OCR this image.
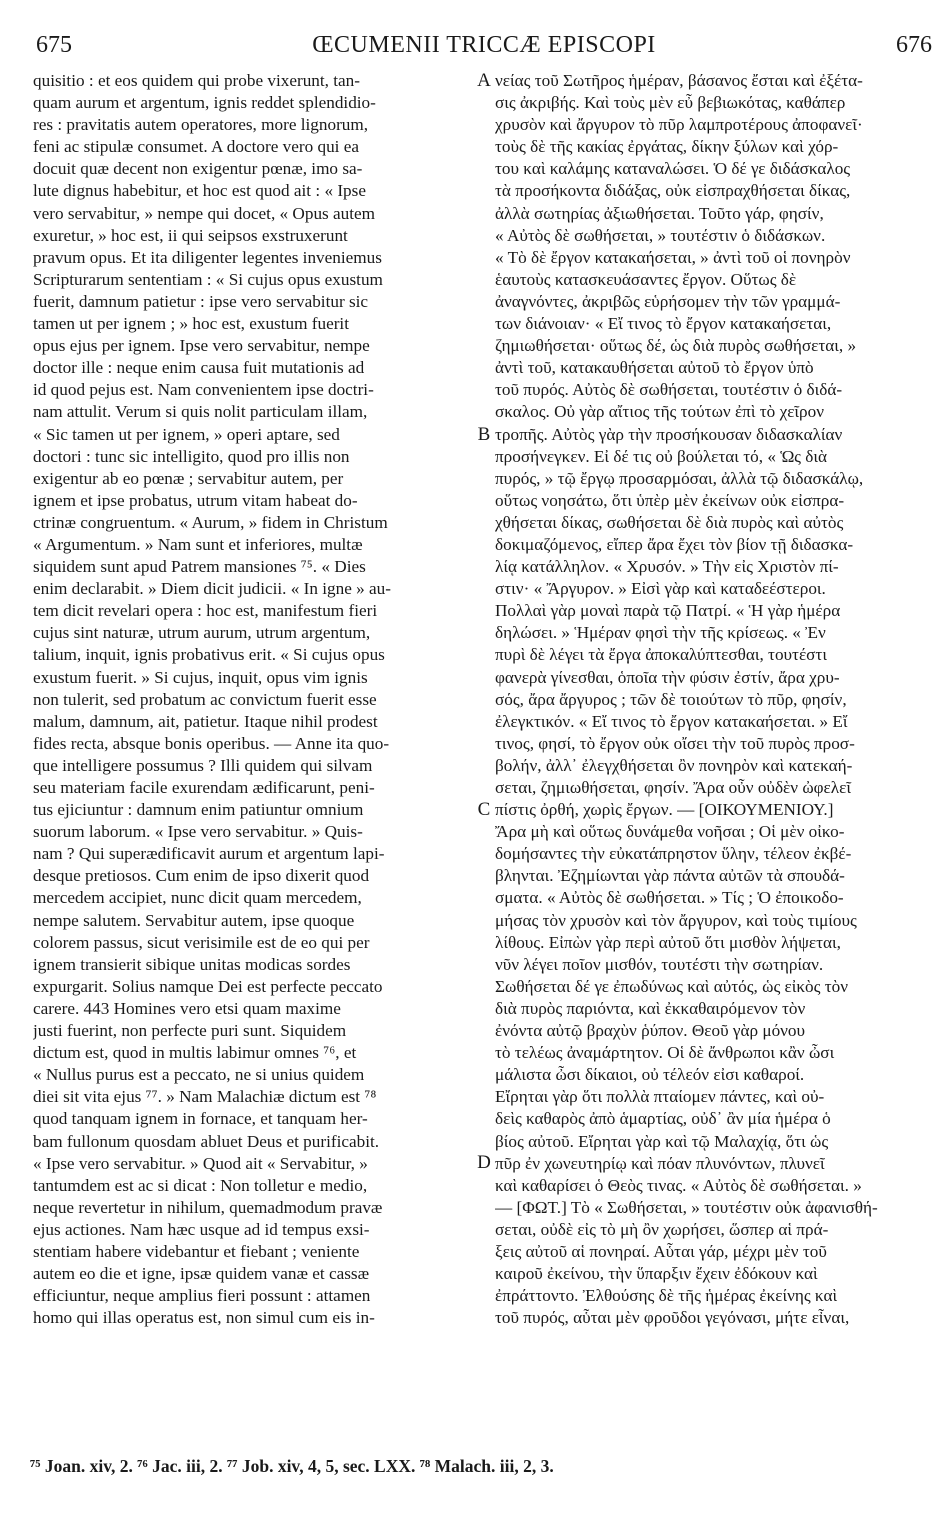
675	ŒCUMENII TRICCÆ EPISCOPI	676
quisitio : et eos quidem qui probe vixerunt, tan-
quam aurum et argentum, ignis reddet splendidio-
res : pravitatis autem operatores, more lignorum,
feni ac stipulæ consumet. A doctore vero qui ea
docuit quæ decent non exigentur pœnæ, imo sa-
lute dignus habebitur, et hoc est quod ait : « Ipse
vero servabitur, » nempe qui docet, « Opus autem
exuretur, » hoc est, ii qui seipsos exstruxerunt
pravum opus. Et ita diligenter legentes inveniemus
Scripturarum sententiam : « Si cujus opus exustum
fuerit, damnum patietur : ipse vero servabitur sic
tamen ut per ignem ; » hoc est, exustum fuerit
opus ejus per ignem. Ipse vero servabitur, nempe
doctor ille : neque enim causa fuit mutationis ad
id quod pejus est. Nam convenientem ipse doctri-
nam attulit. Verum si quis nolit particulam illam,
« Sic tamen ut per ignem, » operi aptare, sed
doctori : tunc sic intelligito, quod pro illis non
exigentur ab eo pœnæ ; servabitur autem, per
ignem et ipse probatus, utrum vitam habeat do-
ctrinæ congruentum. « Aurum, » fidem in Christum
« Argumentum. » Nam sunt et inferiores, multæ
siquidem sunt apud Patrem mansiones ⁷⁵. « Dies
enim declarabit. » Diem dicit judicii. « In igne » au-
tem dicit revelari opera : hoc est, manifestum fieri
cujus sint naturæ, utrum aurum, utrum argentum,
talium, inquit, ignis probativus erit. « Si cujus opus
exustum fuerit. » Si cujus, inquit, opus vim ignis
non tulerit, sed probatum ac convictum fuerit esse
malum, damnum, ait, patietur. Itaque nihil prodest
fides recta, absque bonis operibus. — Anne ita quo-
que intelligere possumus ? Illi quidem qui silvam
seu materiam facile exurendam ædificarunt, peni-
tus ejiciuntur : damnum enim patiuntur omnium
suorum laborum. « Ipse vero servabitur. » Quis-
nam ? Qui superædificavit aurum et argentum lapi-
desque pretiosos. Cum enim de ipso dixerit quod
mercedem accipiet, nunc dicit quam mercedem,
nempe salutem. Servabitur autem, ipse quoque
colorem passus, sicut verisimile est de eo qui per
ignem transierit sibique unitas modicas sordes
expurgarit. Solius namque Dei est perfecte peccato
carere. 443 Homines vero etsi quam maxime
justi fuerint, non perfecte puri sunt. Siquidem
dictum est, quod in multis labimur omnes ⁷⁶, et
« Nullus purus est a peccato, ne si unius quidem
diei sit vita ejus ⁷⁷. » Nam Malachiæ dictum est ⁷⁸
quod tanquam ignem in fornace, et tanquam her-
bam fullonum quosdam abluet Deus et purificabit.
« Ipse vero servabitur. » Quod ait « Servabitur, »
tantumdem est ac si dicat : Non tolletur e medio,
neque revertetur in nihilum, quemadmodum pravæ
ejus actiones. Nam hæc usque ad id tempus exsi-
stentiam habere videbantur et fiebant ; veniente
autem eo die et igne, ipsæ quidem vanæ et cassæ
efficiuntur, neque amplius fieri possunt : attamen
homo qui illas operatus est, non simul cum eis in-
νείας τοῦ Σωτῆρος ἡμέραν, βάσανος ἔσται καὶ ἐξέτα-
σις ἀκριβής. Καὶ τοὺς μὲν εὖ βεβιωκότας, καθάπερ
χρυσὸν καὶ ἄργυρον τὸ πῦρ λαμπροτέρους ἀποφανεῖ·
τοὺς δὲ τῆς κακίας ἐργάτας, δίκην ξύλων καὶ χόρ-
του καὶ καλάμης καταναλώσει. Ὁ δέ γε διδάσκαλος
τὰ προσήκοντα διδάξας, οὐκ εἰσπραχθήσεται δίκας,
ἀλλὰ σωτηρίας ἀξιωθήσεται. Τοῦτο γάρ, φησίν,
« Αὐτὸς δὲ σωθήσεται, » τουτέστιν ὁ διδάσκων.
« Τὸ δὲ ἔργον κατακαήσεται, » ἀντὶ τοῦ οἱ πονηρὸν
ἑαυτοὺς κατασκευάσαντες ἔργον. Οὕτως δὲ
ἀναγνόντες, ἀκριβῶς εὑρήσομεν τὴν τῶν γραμμά-
των διάνοιαν· « Εἴ τινος τὸ ἔργον κατακαήσεται,
ζημιωθήσεται· οὕτως δέ, ὡς διὰ πυρὸς σωθήσεται, »
ἀντὶ τοῦ, κατακαυθήσεται αὐτοῦ τὸ ἔργον ὑπὸ
τοῦ πυρός. Αὐτὸς δὲ σωθήσεται, τουτέστιν ὁ διδά-
σκαλος. Οὐ γὰρ αἴτιος τῆς τούτων ἐπὶ τὸ χεῖρον
τροπῆς. Αὐτὸς γὰρ τὴν προσήκουσαν διδασκαλίαν
προσήνεγκεν. Εἰ δέ τις οὐ βούλεται τό, « Ὡς διὰ
πυρός, » τῷ ἔργῳ προσαρμόσαι, ἀλλὰ τῷ διδασκάλῳ,
οὕτως νοησάτω, ὅτι ὑπὲρ μὲν ἐκείνων οὐκ εἰσπρα-
χθήσεται δίκας, σωθήσεται δὲ διὰ πυρὸς καὶ αὐτὸς
δοκιμαζόμενος, εἴπερ ἄρα ἔχει τὸν βίον τῇ διδασκα-
λίᾳ κατάλληλον. « Χρυσόν. » Τὴν εἰς Χριστὸν πί-
στιν· « Ἄργυρον. » Εἰσὶ γὰρ καὶ καταδεέστεροι.
Πολλαὶ γὰρ μοναὶ παρὰ τῷ Πατρί. « Ἡ γὰρ ἡμέρα
δηλώσει. » Ἡμέραν φησὶ τὴν τῆς κρίσεως. « Ἐν
πυρὶ δὲ λέγει τὰ ἔργα ἀποκαλύπτεσθαι, τουτέστι
φανερὰ γίνεσθαι, ὁποῖα τὴν φύσιν ἐστίν, ἄρα χρυ-
σός, ἄρα ἄργυρος ; τῶν δὲ τοιούτων τὸ πῦρ, φησίν,
ἐλεγκτικόν. « Εἴ τινος τὸ ἔργον κατακαήσεται. » Εἴ
τινος, φησί, τὸ ἔργον οὐκ οἴσει τὴν τοῦ πυρὸς προσ-
βολήν, ἀλλ᾽ ἐλεγχθήσεται ὂν πονηρὸν καὶ κατεκαή-
σεται, ζημιωθήσεται, φησίν. Ἄρα οὖν οὐδὲν ὠφελεῖ
πίστις ὀρθή, χωρὶς ἔργων. — [ΟΙΚΟΥΜΕΝΙΟΥ.]
Ἄρα μὴ καὶ οὕτως δυνάμεθα νοῆσαι ; Οἱ μὲν οἰκο-
δομήσαντες τὴν εὐκατάπρηστον ὕλην, τέλεον ἐκβέ-
βληνται. Ἐζημίωνται γὰρ πάντα αὐτῶν τὰ σπουδά-
σματα. « Αὐτὸς δὲ σωθήσεται. » Τίς ; Ὁ ἐποικοδο-
μήσας τὸν χρυσὸν καὶ τὸν ἄργυρον, καὶ τοὺς τιμίους
λίθους. Εἰπὼν γὰρ περὶ αὐτοῦ ὅτι μισθὸν λήψεται,
νῦν λέγει ποῖον μισθόν, τουτέστι τὴν σωτηρίαν.
Σωθήσεται δέ γε ἐπωδύνως καὶ αὐτός, ὡς εἰκὸς τὸν
διὰ πυρὸς παριόντα, καὶ ἐκκαθαιρόμενον τὸν
ἐνόντα αὐτῷ βραχὺν ῥύπον. Θεοῦ γὰρ μόνου
τὸ τελέως ἀναμάρτητον. Οἱ δὲ ἄνθρωποι κἂν ὦσι
μάλιστα ὦσι δίκαιοι, οὐ τέλεόν εἰσι καθαροί.
Εἴρηται γὰρ ὅτι πολλὰ πταίομεν πάντες, καὶ οὐ-
δεὶς καθαρὸς ἀπὸ ἁμαρτίας, οὐδ᾽ ἂν μία ἡμέρα ὁ
βίος αὐτοῦ. Εἴρηται γὰρ καὶ τῷ Μαλαχίᾳ, ὅτι ὡς
πῦρ ἐν χωνευτηρίῳ καὶ πόαν πλυνόντων, πλυνεῖ
καὶ καθαρίσει ὁ Θεὸς τινας. « Αὐτὸς δὲ σωθήσεται. »
— [ΦΩΤ.] Τὸ « Σωθήσεται, » τουτέστιν οὐκ ἀφανισθή-
σεται, οὐδὲ εἰς τὸ μὴ ὂν χωρήσει, ὥσπερ αἱ πρά-
ξεις αὐτοῦ αἱ πονηραί. Αὗται γάρ, μέχρι μὲν τοῦ
καιροῦ ἐκείνου, τὴν ὕπαρξιν ἔχειν ἐδόκουν καὶ
ἐπράττοντο. Ἐλθούσης δὲ τῆς ἡμέρας ἐκείνης καὶ
τοῦ πυρός, αὗται μὲν φροῦδοι γεγόνασι, μήτε εἶναι,
A
B
C
D
⁷⁵ Joan. xiv, 2. ⁷⁶ Jac. iii, 2. ⁷⁷ Job. xiv, 4, 5, sec. LXX. ⁷⁸ Malach. iii, 2, 3.
